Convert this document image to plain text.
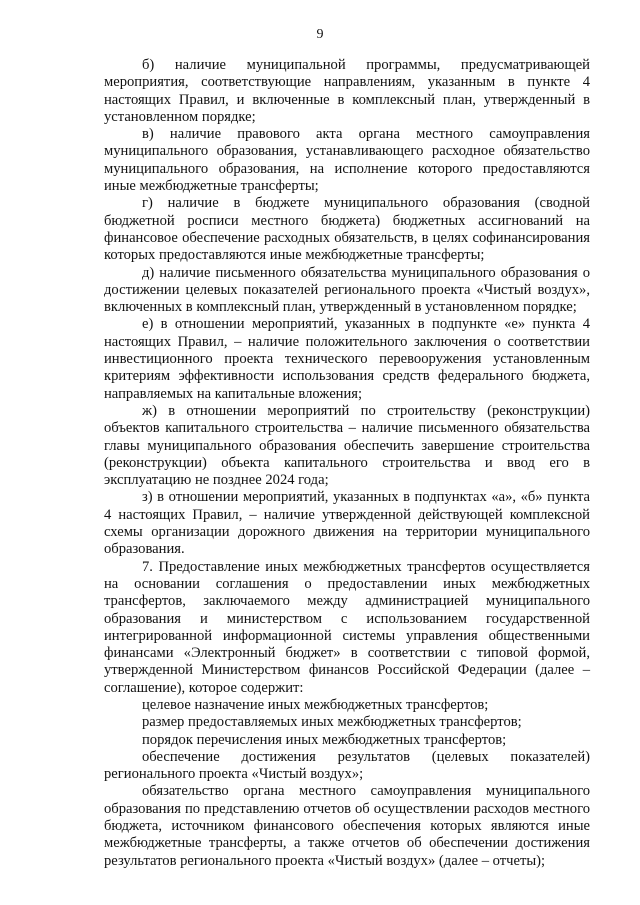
9

б) наличие муниципальной программы, предусматривающей мероприятия, соответствующие направлениям, указанным в пункте 4 настоящих Правил, и включенные в комплексный план, утвержденный в установленном порядке;

в) наличие правового акта органа местного самоуправления муниципального образования, устанавливающего расходное обязательство муниципального образования, на исполнение которого предоставляются иные межбюджетные трансферты;

г) наличие в бюджете муниципального образования (сводной бюджетной росписи местного бюджета) бюджетных ассигнований на финансовое обеспечение расходных обязательств, в целях софинансирования которых предоставляются иные межбюджетные трансферты;

д) наличие письменного обязательства муниципального образования о достижении целевых показателей регионального проекта «Чистый воздух», включенных в комплексный план, утвержденный в установленном порядке;

е) в отношении мероприятий, указанных в подпункте «е» пункта 4 настоящих Правил, – наличие положительного заключения о соответствии инвестиционного проекта технического перевооружения установленным критериям эффективности использования средств федерального бюджета, направляемых на капитальные вложения;

ж) в отношении мероприятий по строительству (реконструкции) объектов капитального строительства – наличие письменного обязательства главы муниципального образования обеспечить завершение строительства (реконструкции) объекта капитального строительства и ввод его в эксплуатацию не позднее 2024 года;

з) в отношении мероприятий, указанных в подпунктах «а», «б» пункта 4 настоящих Правил, – наличие утвержденной действующей комплексной схемы организации дорожного движения на территории муниципального образования.

7. Предоставление иных межбюджетных трансфертов осуществляется на основании соглашения о предоставлении иных межбюджетных трансфертов, заключаемого между администрацией муниципального образования и министерством с использованием государственной интегрированной информационной системы управления общественными финансами «Электронный бюджет» в соответствии с типовой формой, утвержденной Министерством финансов Российской Федерации (далее – соглашение), которое содержит:

целевое назначение иных межбюджетных трансфертов;

размер предоставляемых иных межбюджетных трансфертов;

порядок перечисления иных межбюджетных трансфертов;

обеспечение достижения результатов (целевых показателей) регионального проекта «Чистый воздух»;

обязательство органа местного самоуправления муниципального образования по представлению отчетов об осуществлении расходов местного бюджета, источником финансового обеспечения которых являются иные межбюджетные трансферты, а также отчетов об обеспечении достижения результатов регионального проекта «Чистый воздух» (далее – отчеты);
